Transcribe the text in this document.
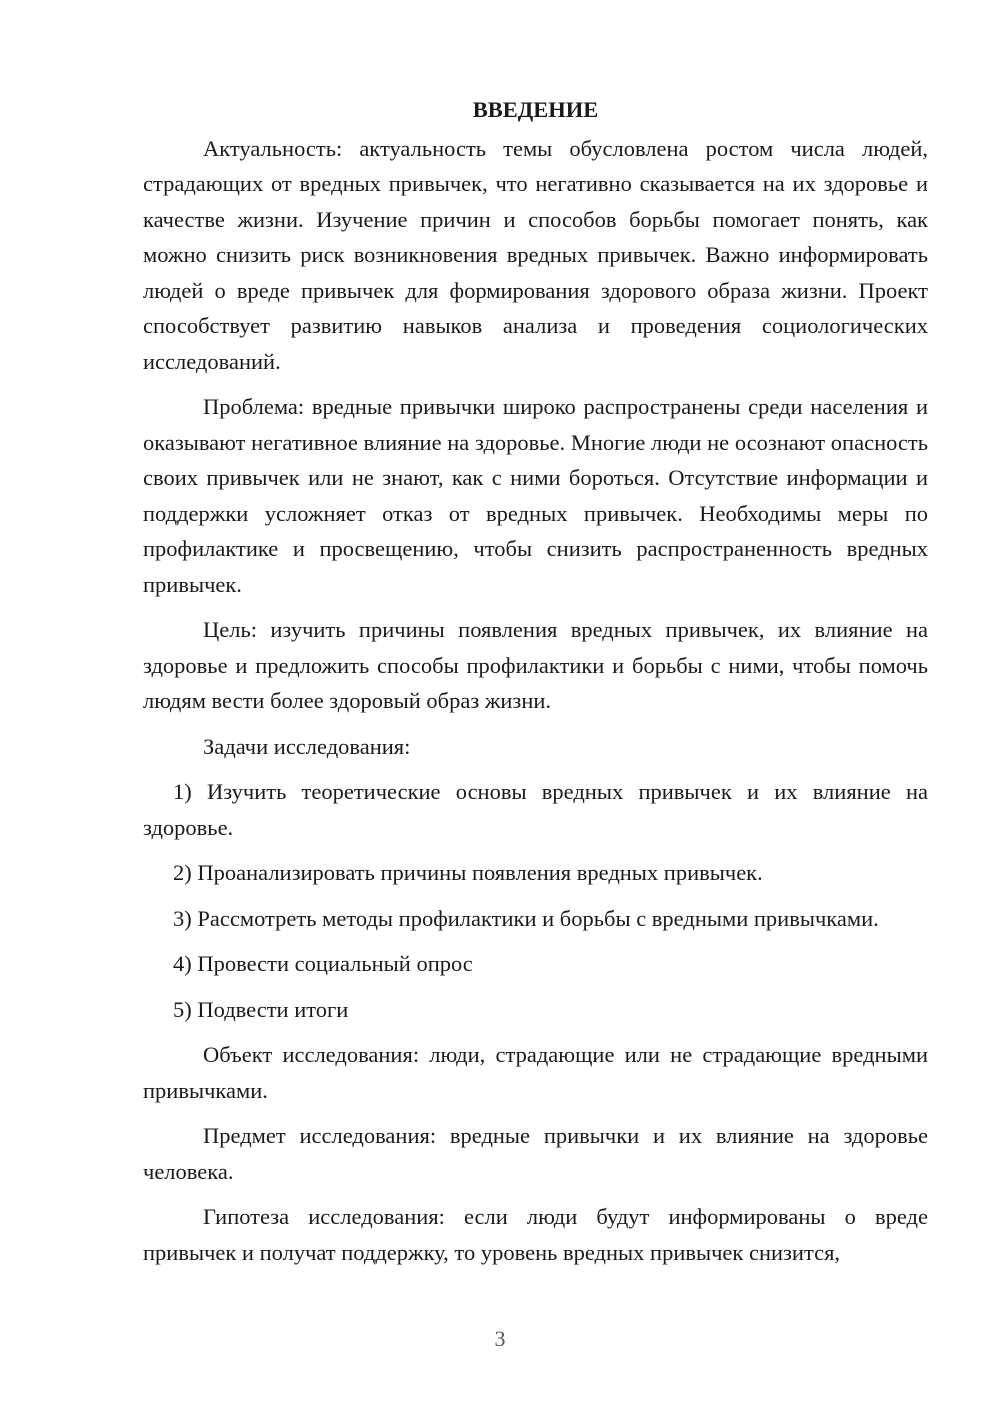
ВВЕДЕНИЕ

Актуальность: актуальность темы обусловлена ростом числа людей, страдающих от вредных привычек, что негативно сказывается на их здоровье и качестве жизни. Изучение причин и способов борьбы помогает понять, как можно снизить риск возникновения вредных привычек. Важно информировать людей о вреде привычек для формирования здорового образа жизни. Проект способствует развитию навыков анализа и проведения социологических исследований.

Проблема: вредные привычки широко распространены среди населения и оказывают негативное влияние на здоровье. Многие люди не осознают опасность своих привычек или не знают, как с ними бороться. Отсутствие информации и поддержки усложняет отказ от вредных привычек. Необходимы меры по профилактике и просвещению, чтобы снизить распространенность вредных привычек.

Цель: изучить причины появления вредных привычек, их влияние на здоровье и предложить способы профилактики и борьбы с ними, чтобы помочь людям вести более здоровый образ жизни.

Задачи исследования:

1) Изучить теоретические основы вредных привычек и их влияние на здоровье.

2) Проанализировать причины появления вредных привычек.

3) Рассмотреть методы профилактики и борьбы с вредными привычками.

4) Провести социальный опрос

5) Подвести итоги

Объект исследования: люди, страдающие или не страдающие вредными привычками.

Предмет исследования: вредные привычки и их влияние на здоровье человека.

Гипотеза исследования: если люди будут информированы о вреде привычек и получат поддержку, то уровень вредных привычек снизится,

3
